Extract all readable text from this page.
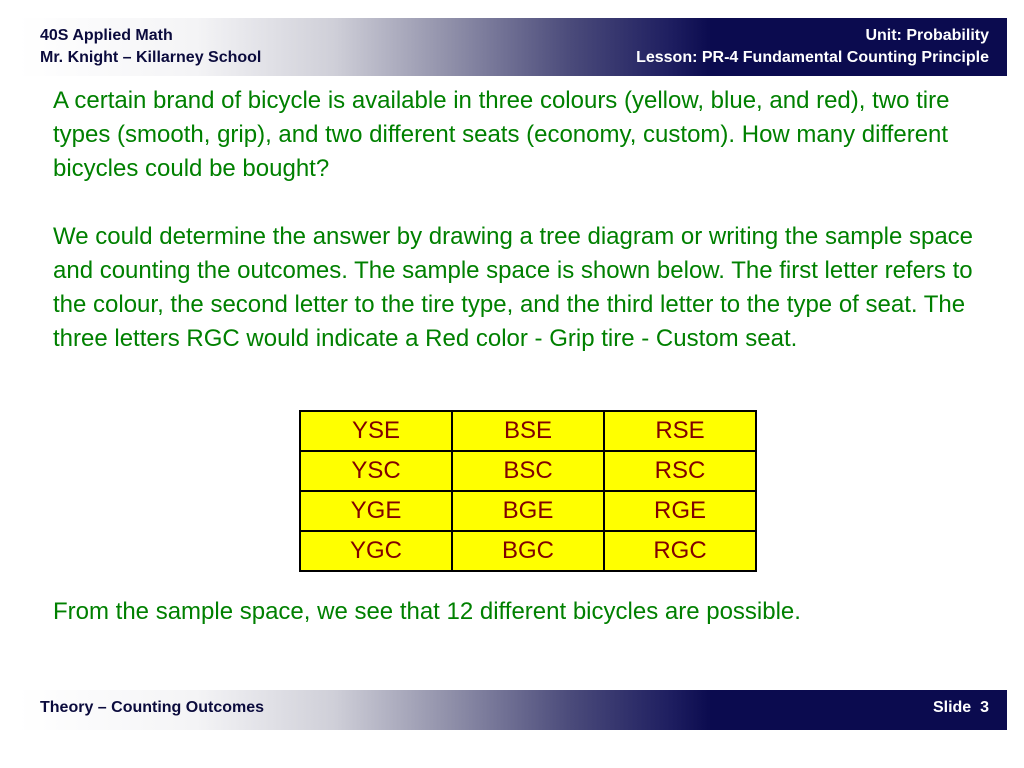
40S Applied Math
Mr. Knight – Killarney School
Unit: Probability
Lesson: PR-4 Fundamental Counting Principle
A certain brand of bicycle is available in three colours (yellow, blue, and red), two tire types (smooth, grip), and two different seats (economy, custom). How many different bicycles could be bought?
We could determine the answer by drawing a tree diagram or writing the sample space and counting the outcomes. The sample space is shown below. The first letter refers to the colour, the second letter to the tire type, and the third letter to the type of seat. The three letters RGC would indicate a Red color - Grip tire - Custom seat.
YSE	BSE	RSE
YSC	BSC	RSC
YGE	BGE	RGE
YGC	BGC	RGC
From the sample space, we see that 12 different bicycles are possible.
Theory – Counting Outcomes	Slide 3
